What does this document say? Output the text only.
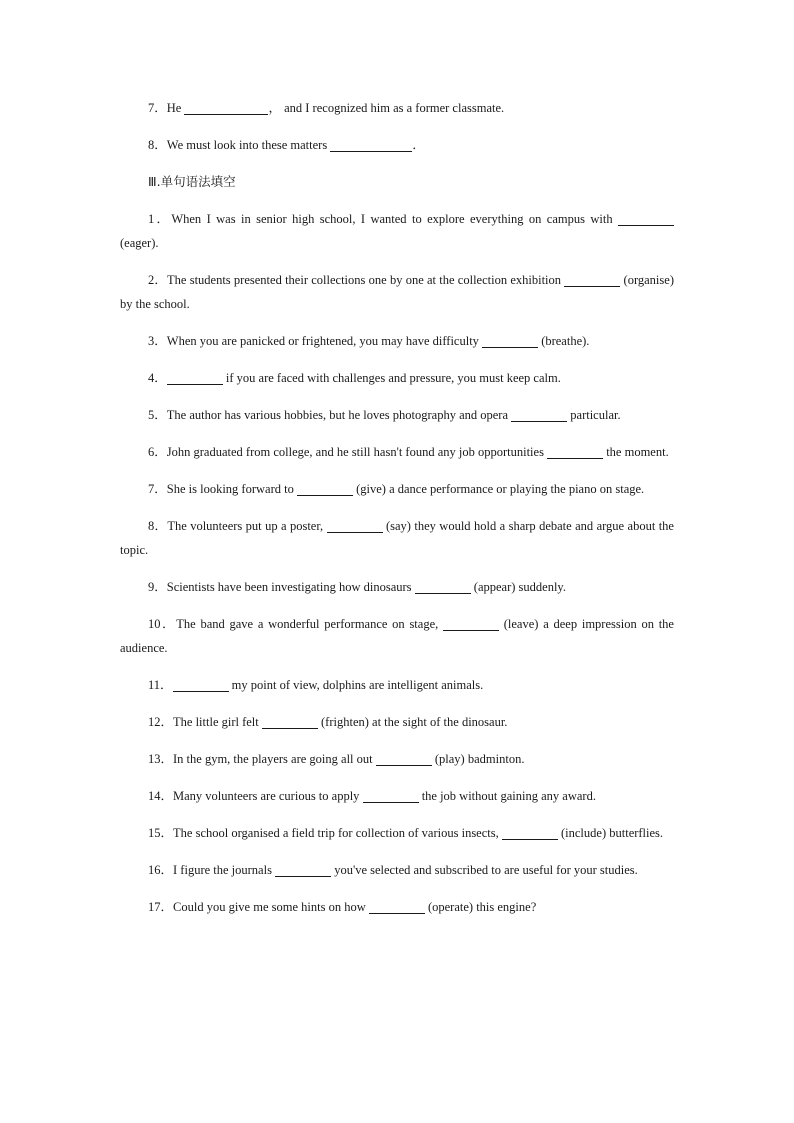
7．He	， and I recognized him as a former classmate.

8．We must look into these matters	．

Ⅲ.单句语法填空

1．When I was in senior high school, I wanted to explore everything on campus with  (eager).

2．The students presented their collections one by one at the collection exhibition	(organise) by the school.

3．When you are panicked or frightened, you may have difficulty	(breathe).

4．	if you are faced with challenges and pressure, you must keep calm.

5．The author has various hobbies, but he loves photography and opera	particular.

6．John graduated from college, and he still hasn't found any job opportunities	the moment.

7．She is looking forward to	(give) a dance performance or playing the piano on stage.

8．The volunteers put up a poster,	(say) they would hold a sharp debate and argue about the topic.

9．Scientists have been investigating how dinosaurs	(appear) suddenly.

10．The band gave a wonderful performance on stage,	(leave) a deep impression on the audience.

11．	my point of view, dolphins are intelligent animals.

12．The little girl felt	(frighten) at the sight of the dinosaur.

13．In the gym, the players are going all out	(play) badminton.

14．Many volunteers are curious to apply	the job without gaining any award.

15．The school organised a field trip for collection of various insects,	(include) butterflies.

16．I figure the journals	you've selected and subscribed to are useful for your studies.

17．Could you give me some hints on how	(operate) this engine?
